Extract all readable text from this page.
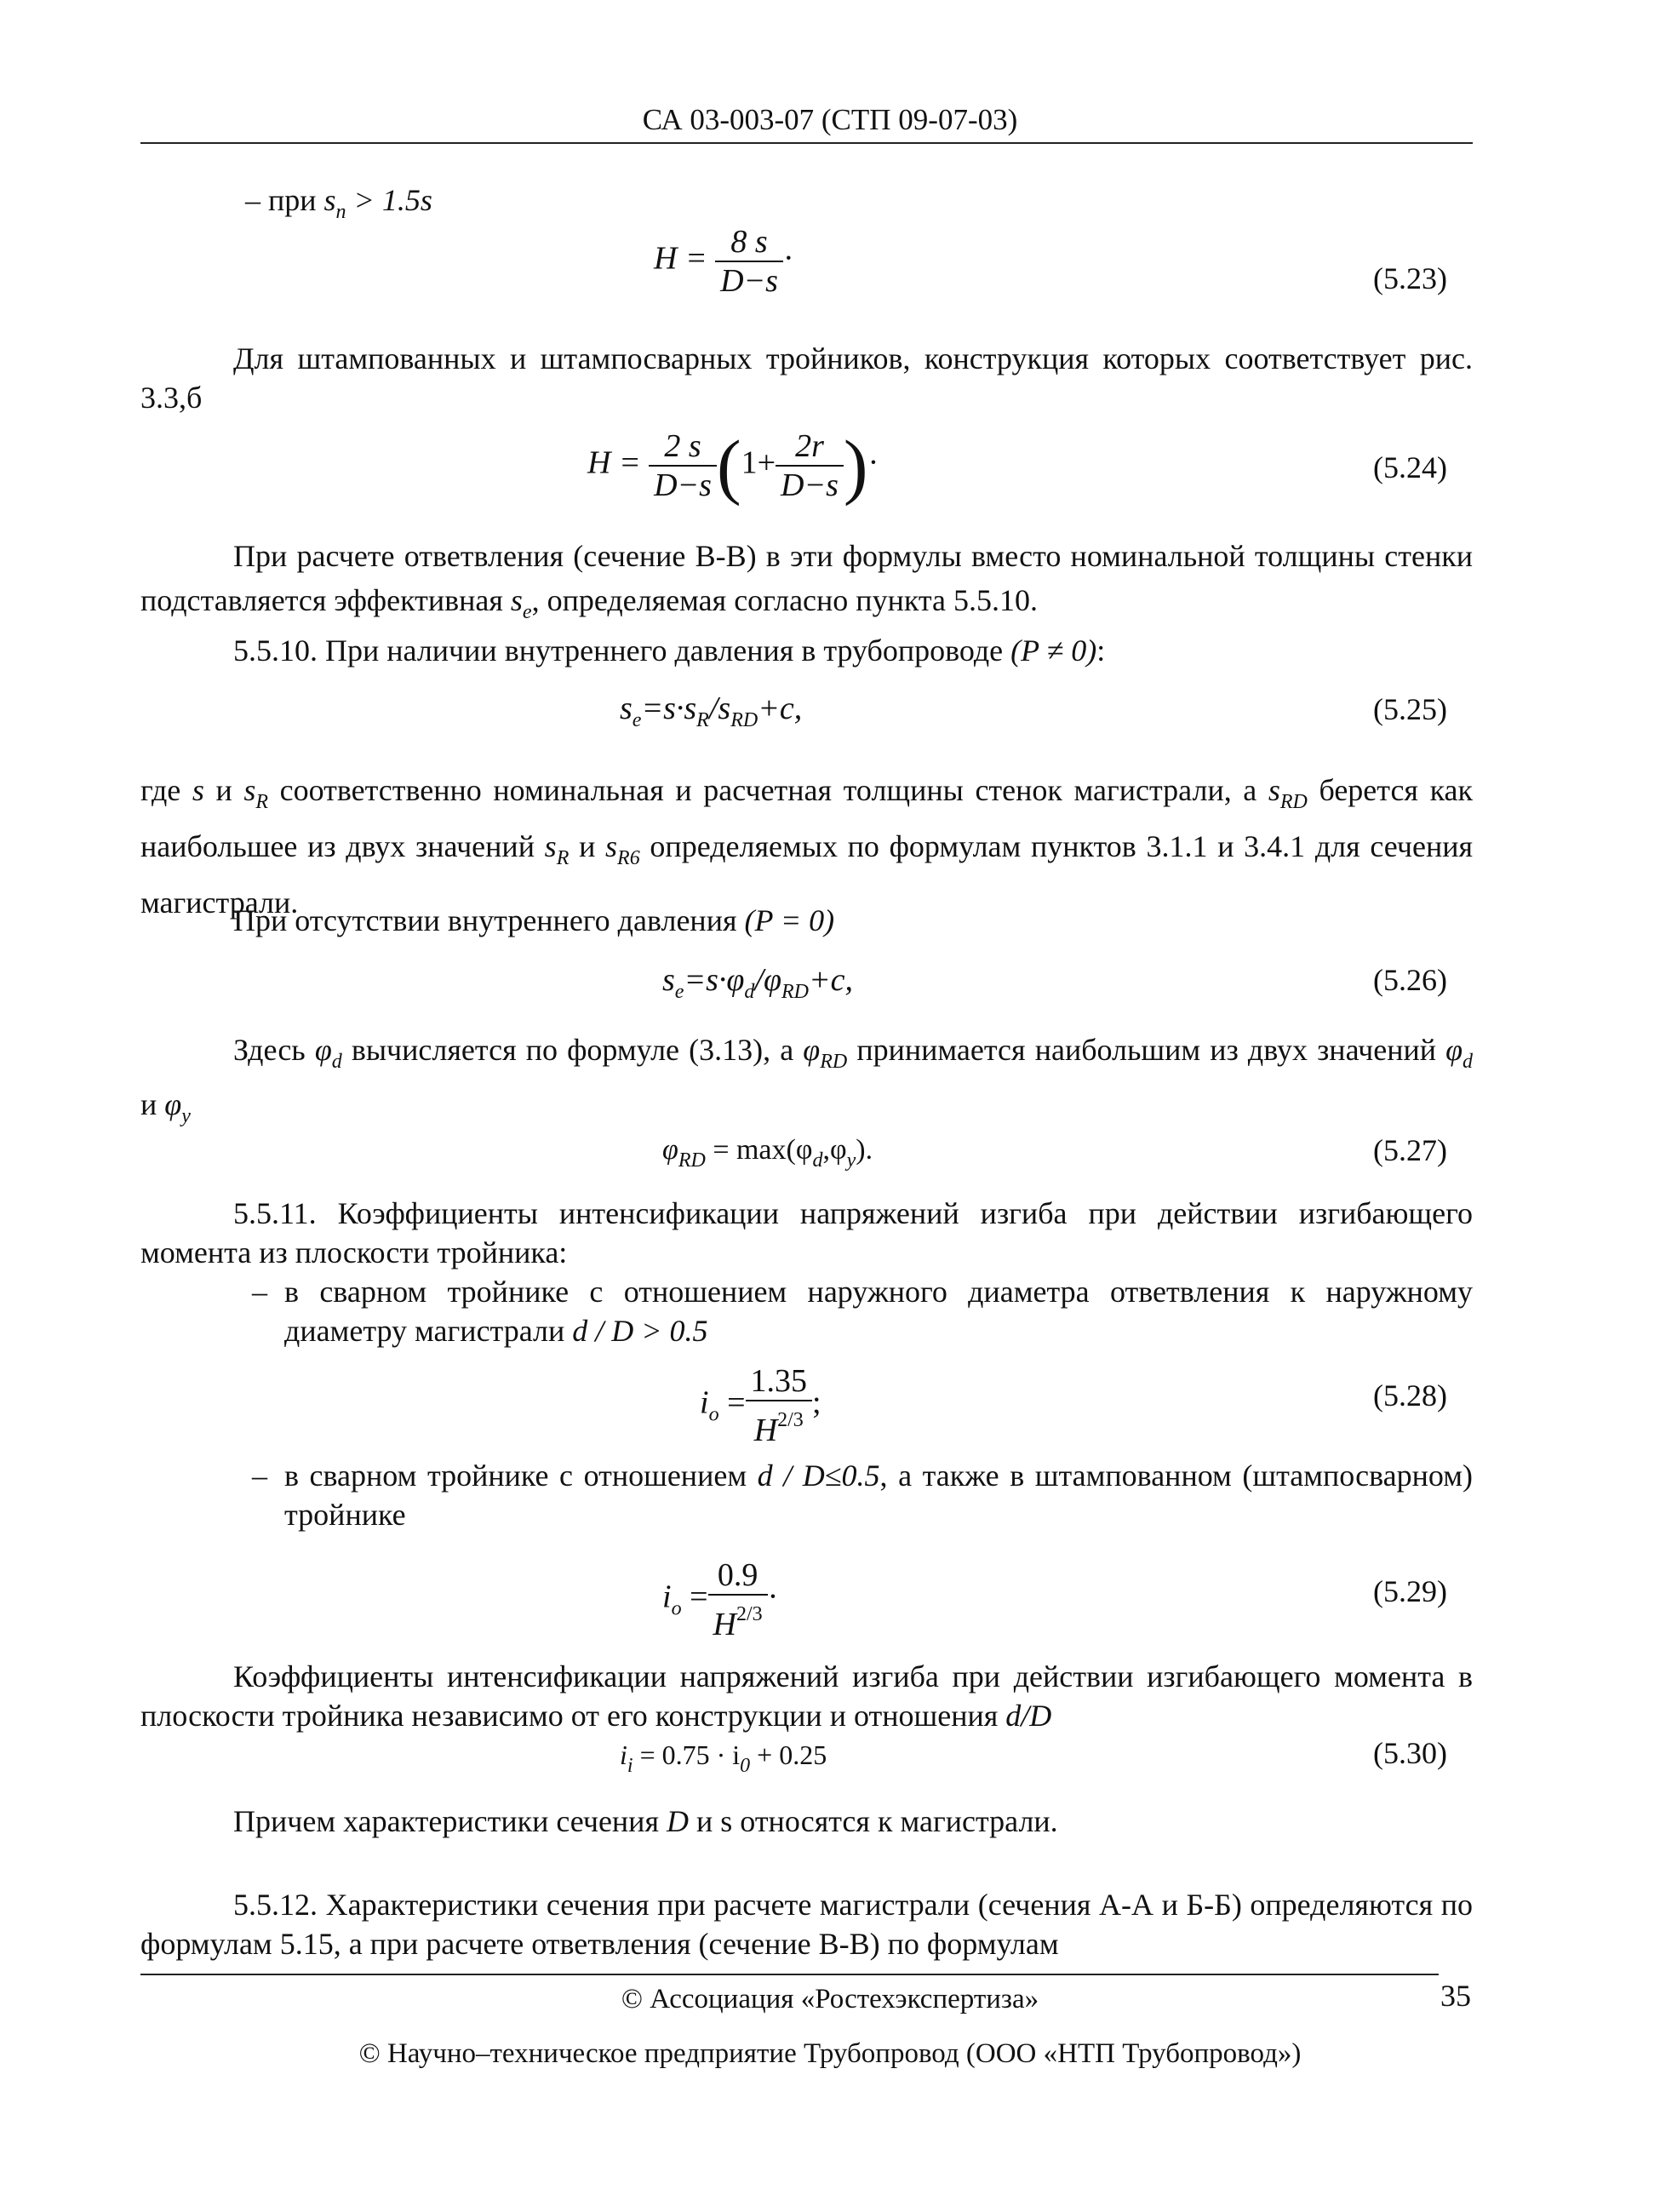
СА 03-003-07 (СТП 09-07-03)
– при $s_n > 1.5s$
$H = \frac{8 s}{D-s}$ ·
(5.23)
Для штампованных и штампосварных тройников, конструкция которых соответствует рис. 3.3,б
$H = \frac{2 s}{D-s} (1+ \frac{2r}{D-s}$ )·	(5.24)
При расчете ответвления (сечение В-В) в эти формулы вместо номинальной толщины стенки подставляется эффективная $s_e$, определяемая согласно пункта 5.5.10.
5.5.10. При наличии внутреннего давления в трубопроводе (P ≠ 0):
$s_e=s\cdot s_R/s_{RD}+c$,	(5.25)
где s и $s_R$ соответственно номинальная и расчетная толщины стенок магистрали, а $s_{RD}$ берется как наибольшее из двух значений $s_R$ и $s_{R6}$ определяемых по формулам пунктов 3.1.1 и 3.4.1 для сечения магистрали.
При отсутствии внутреннего давления (P = 0)
$s_e=s\cdot\varphi_d/\varphi_{RD}+c$,	(5.26)
Здесь $\varphi_d$ вычисляется по формуле (3.13), а $\varphi_{RD}$ принимается наибольшим из двух значений $\varphi_d$ и $\varphi_y$
$\varphi_{RD} = \max(\varphi_d,\varphi_y)$.	(5.27)
5.5.11. Коэффициенты интенсификации напряжений изгиба при действии изгибающего момента из плоскости тройника:
– в сварном тройнике с отношением наружного диаметра ответвления к наружному диаметру магистрали d / D > 0.5
$i_o = \frac{1.35}{H^{2/3}}$ ;	(5.28)
– в сварном тройнике с отношением d / D≤0.5, а также в штампованном (штампосварном) тройнике
$i_o = \frac{0.9}{H^{2/3}}$ ·	(5.29)
Коэффициенты интенсификации напряжений изгиба при действии изгибающего момента в плоскости тройника независимо от его конструкции и отношения d/D
$i_i = 0.75 \cdot i_0 + 0.25$	(5.30)
Причем характеристики сечения D и s относятся к магистрали.
5.5.12. Характеристики сечения при расчете магистрали (сечения А-А и Б-Б) определяются по формулам 5.15, а при расчете ответвления (сечение В-В) по формулам
© Ассоциация «Ростехэкспертиза»	35
© Научно–техническое предприятие Трубопровод (ООО «НТП Трубопровод»)
